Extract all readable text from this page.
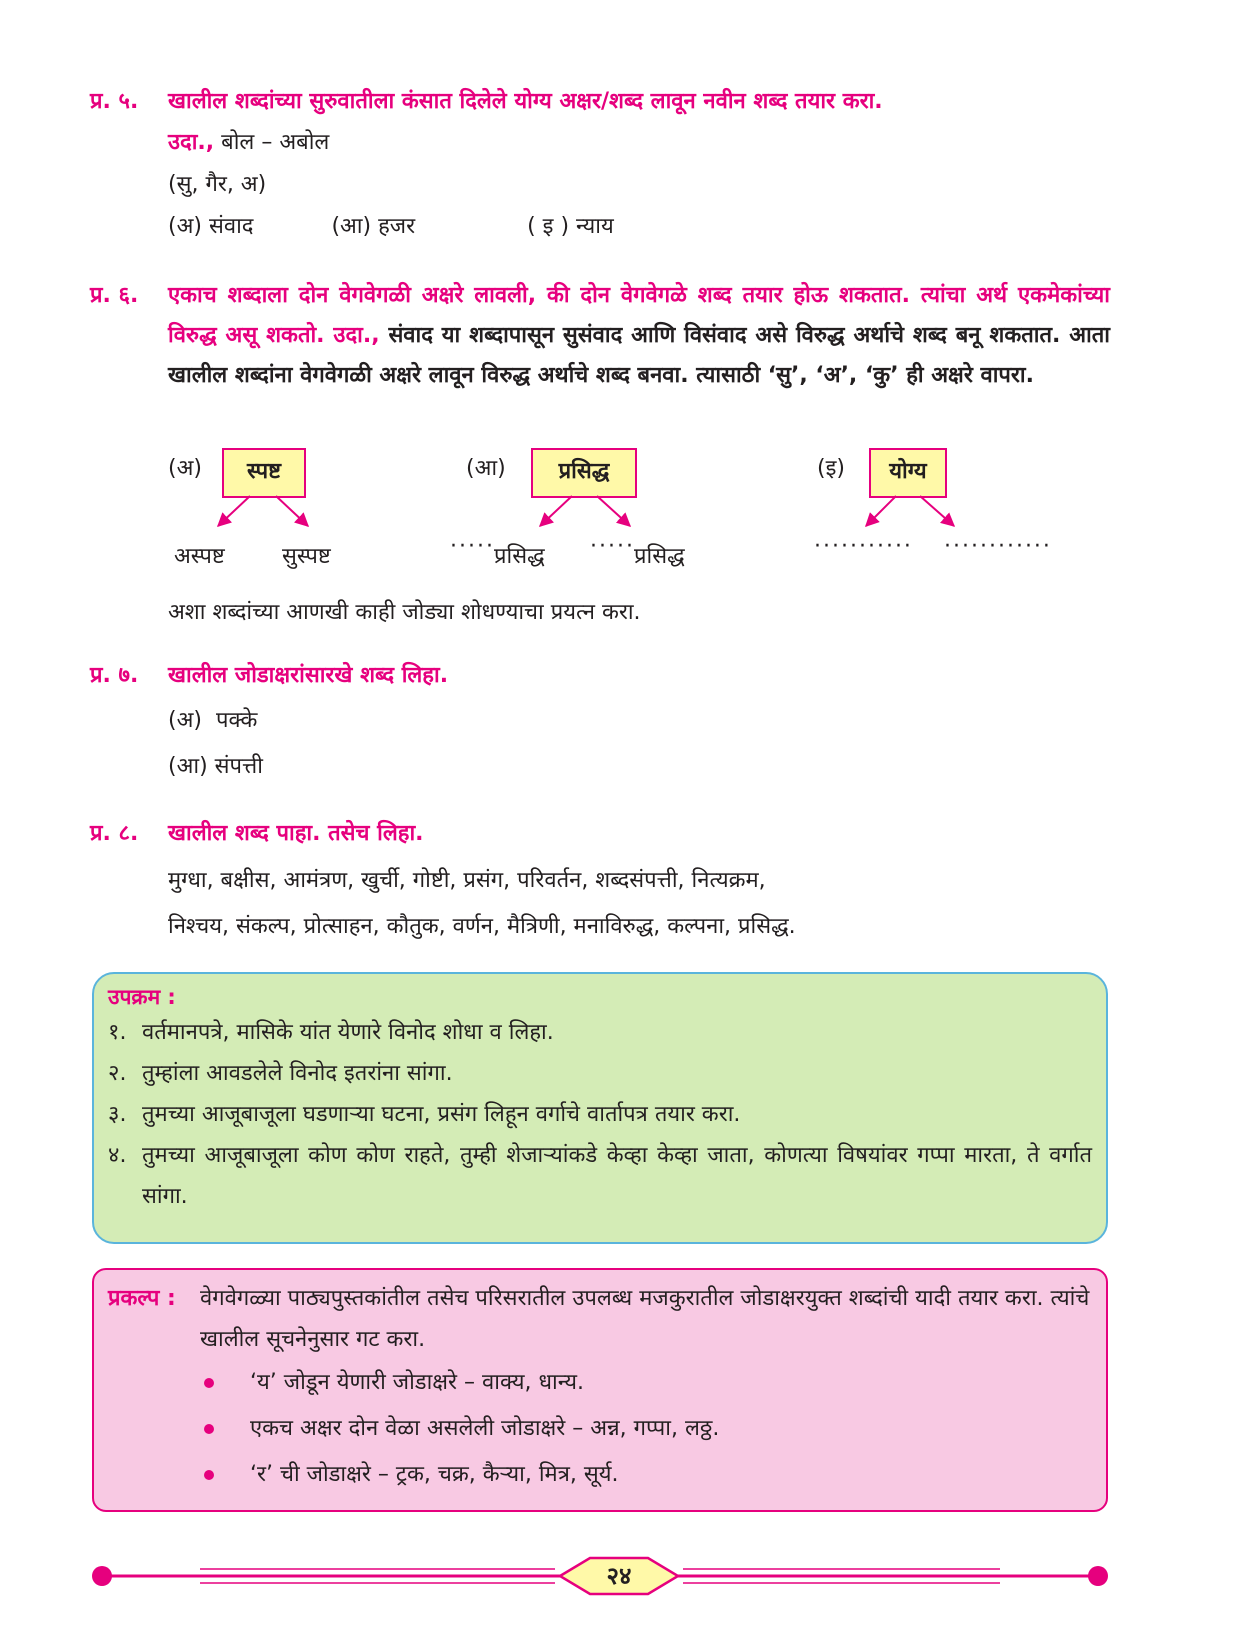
प्र. ५.	खालील शब्दांच्या सुरुवातीला कंसात दिलेले योग्य अक्षर/शब्द लावून नवीन शब्द तयार करा.
उदा., बोल – अबोल
(सु, गैर, अ)
(अ) संवाद	(आ) हजर	( इ ) न्याय
प्र. ६.	एकाच शब्दाला दोन वेगवेगळी अक्षरे लावली, की दोन वेगवेगळे शब्द तयार होऊ शकतात. त्यांचा अर्थ एकमेकांच्या विरुद्ध असू शकतो. उदा., संवाद या शब्दापासून सुसंवाद आणि विसंवाद असे विरुद्ध अर्थाचे शब्द बनू शकतात. आता खालील शब्दांना वेगवेगळी अक्षरे लावून विरुद्ध अर्थाचे शब्द बनवा. त्यासाठी ‘सु’, ‘अ’, ‘कु’ ही अक्षरे वापरा.
(अ)	स्पष्ट	(आ)	प्रसिद्ध	(इ)	योग्य
अस्पष्ट	सुस्पष्ट	····· प्रसिद्ध ····· प्रसिद्ध	··········· ············
अशा शब्दांच्या आणखी काही जोड्या शोधण्याचा प्रयत्न करा.
प्र. ७.	खालील जोडाक्षरांसारखे शब्द लिहा.
(अ)  पक्के
(आ) संपत्ती
प्र. ८.	खालील शब्द पाहा. तसेच लिहा.
मुग्धा, बक्षीस, आमंत्रण, खुर्ची, गोष्टी, प्रसंग, परिवर्तन, शब्दसंपत्ती, नित्यक्रम,
निश्चय, संकल्प, प्रोत्साहन, कौतुक, वर्णन, मैत्रिणी, मनाविरुद्ध, कल्पना, प्रसिद्ध.
उपक्रम :
१. वर्तमानपत्रे, मासिके यांत येणारे विनोद शोधा व लिहा.
२. तुम्हांला आवडलेले विनोद इतरांना सांगा.
३. तुमच्या आजूबाजूला घडणाऱ्या घटना, प्रसंग लिहून वर्गाचे वार्तापत्र तयार करा.
४. तुमच्या आजूबाजूला कोण कोण राहते, तुम्ही शेजाऱ्यांकडे केव्हा केव्हा जाता, कोणत्या विषयांवर गप्पा मारता, ते वर्गात सांगा.
प्रकल्प :	वेगवेगळ्या पाठ्यपुस्तकांतील तसेच परिसरातील उपलब्ध मजकुरातील जोडाक्षरयुक्त शब्दांची यादी तयार करा. त्यांचे खालील सूचनेनुसार गट करा.
‘य’ जोडून येणारी जोडाक्षरे – वाक्य, धान्य.
एकच अक्षर दोन वेळा असलेली जोडाक्षरे – अन्न, गप्पा, लठ्ठ.
‘र’ ची जोडाक्षरे – ट्रक, चक्र, कैऱ्या, मित्र, सूर्य.
२४
